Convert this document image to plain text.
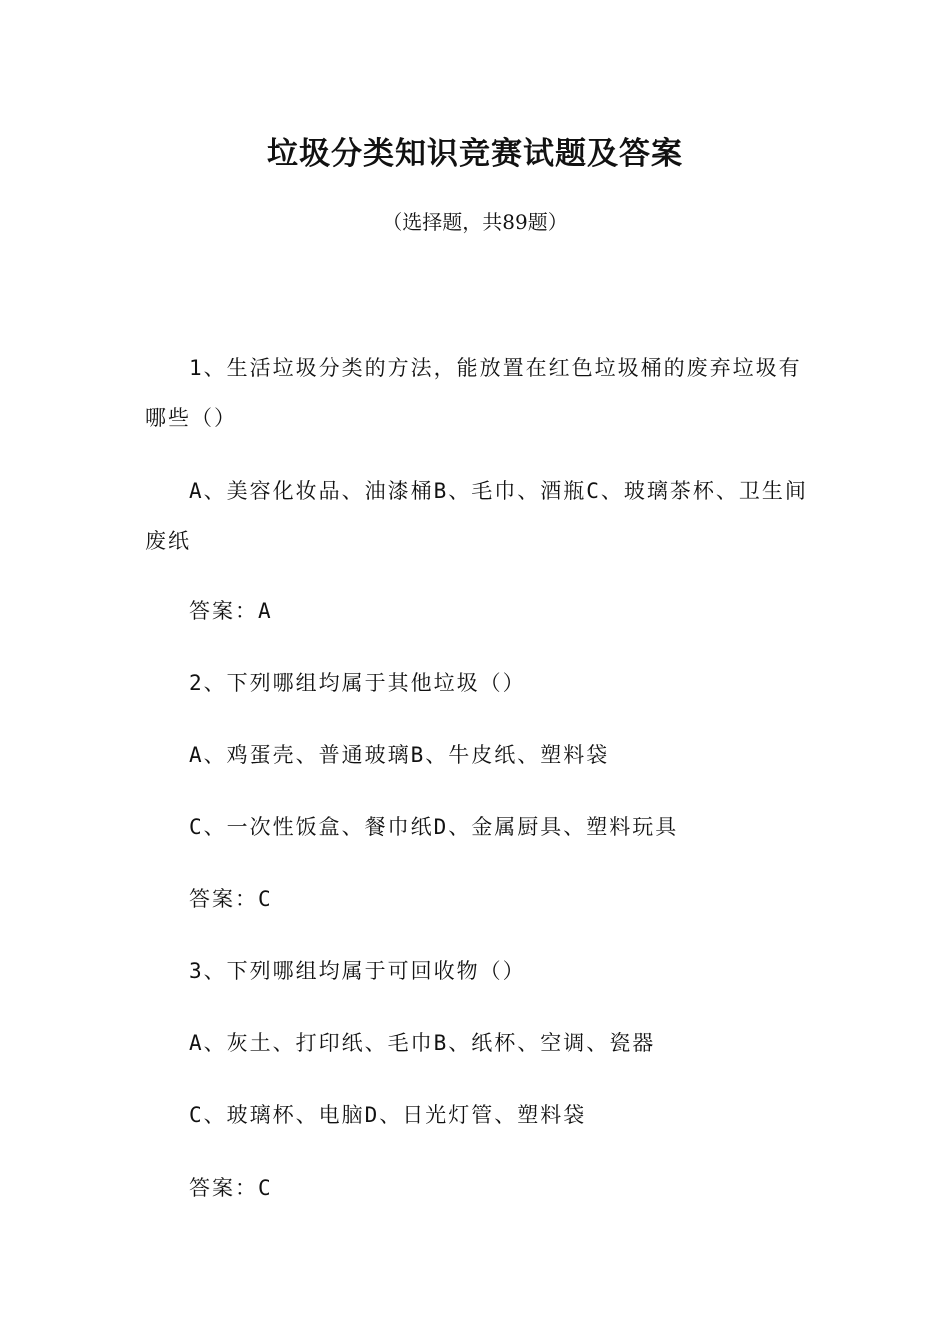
垃圾分类知识竞赛试题及答案
（选择题，共89题）
1、生活垃圾分类的方法，能放置在红色垃圾桶的废弃垃圾有哪些（）
A、美容化妆品、油漆桶B、毛巾、酒瓶C、玻璃茶杯、卫生间废纸
答案：A
2、下列哪组均属于其他垃圾（）
A、鸡蛋壳、普通玻璃B、牛皮纸、塑料袋
C、一次性饭盒、餐巾纸D、金属厨具、塑料玩具
答案：C
3、下列哪组均属于可回收物（）
A、灰土、打印纸、毛巾B、纸杯、空调、瓷器
C、玻璃杯、电脑D、日光灯管、塑料袋
答案：C
